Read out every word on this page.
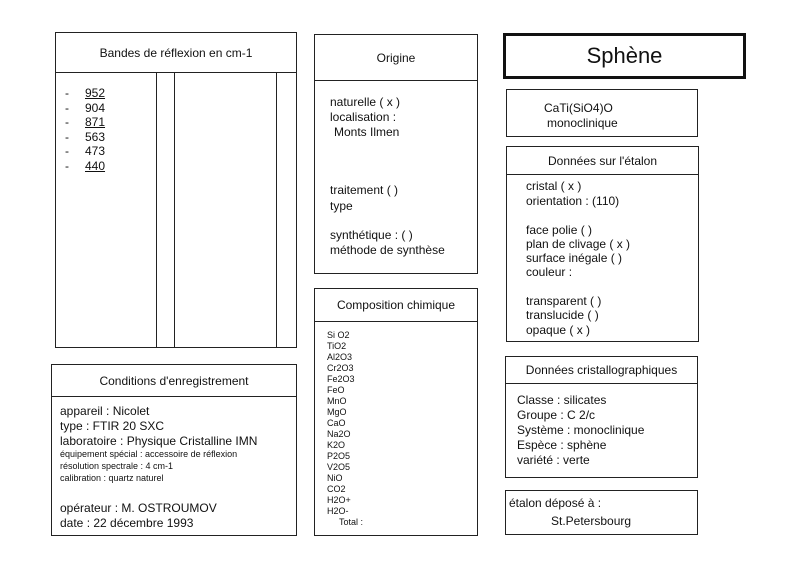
Bandes de réflexion en cm-1
- 952
- 904
- 871
- 563
- 473
- 440
Origine
naturelle ( x )
localisation :
Monts Ilmen
traitement ( )
type
synthétique : ( )
méthode de synthèse
Sphène
CaTi(SiO4)O
monoclinique
Données sur l'étalon
cristal ( x )
orientation : (110)
face polie ( )
plan de clivage ( x )
surface inégale ( )
couleur :
transparent ( )
translucide ( )
opaque ( x )
Composition chimique
Si O2
TiO2
Al2O3
Cr2O3
Fe2O3
FeO
MnO
MgO
CaO
Na2O
K2O
P2O5
V2O5
NiO
CO2
H2O+
H2O-
Total :
Conditions d'enregistrement
appareil : Nicolet
type : FTIR 20 SXC
laboratoire : Physique Cristalline IMN
équipement spécial : accessoire de réflexion
résolution spectrale : 4 cm-1
calibration : quartz naturel
opérateur : M. OSTROUMOV
date : 22 décembre 1993
Données cristallographiques
Classe : silicates
Groupe : C 2/c
Système : monoclinique
Espèce : sphène
variété : verte
étalon déposé à :
St.Petersbourg
